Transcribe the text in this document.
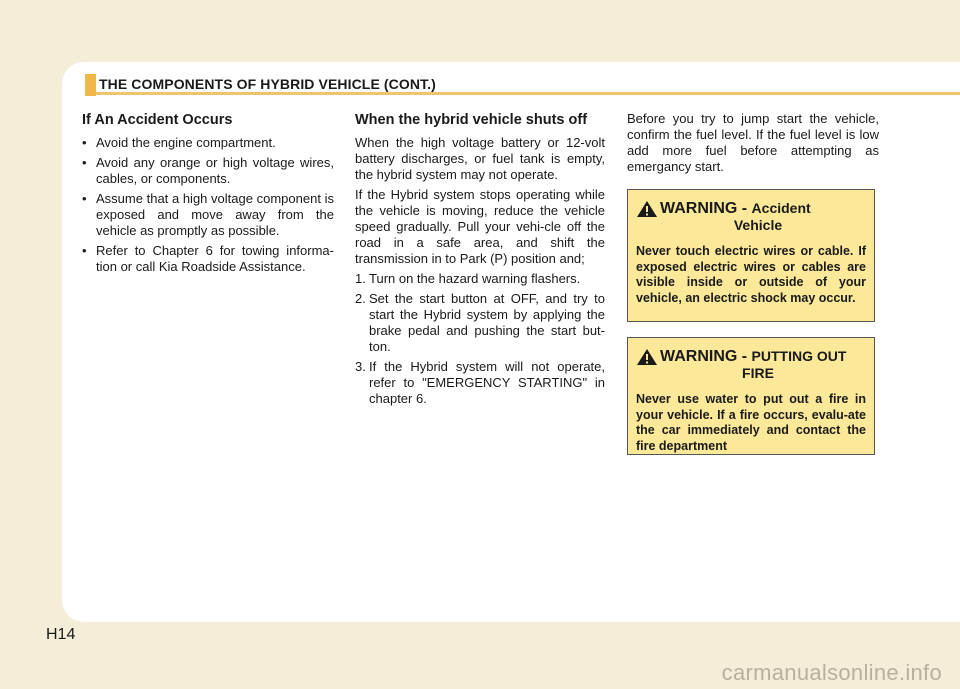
THE COMPONENTS OF HYBRID VEHICLE (CONT.)
If An Accident Occurs
• Avoid the engine compartment.
• Avoid any orange or high voltage wires, cables, or components.
• Assume that a high voltage component is exposed and move away from the vehicle as promptly as possible.
• Refer to Chapter 6 for towing informa-tion or call Kia Roadside Assistance.
When the hybrid vehicle shuts off

When the high voltage battery or 12-volt battery discharges, or fuel tank is empty, the hybrid system may not operate.

If the Hybrid system stops operating while the vehicle is moving, reduce the vehicle speed gradually. Pull your vehi-cle off the road in a safe area, and shift the transmission in to Park (P) position and;

1. Turn on the hazard warning flashers.
2. Set the start button at OFF, and try to start the Hybrid system by applying the brake pedal and pushing the start but-ton.
3. If the Hybrid system will not operate, refer to "EMERGENCY STARTING" in chapter 6.

Before you try to jump start the vehicle, confirm the fuel level. If the fuel level is low add more fuel before attempting as emergancy start.

WARNING - Accident
Vehicle
Never touch electric wires or cable. If exposed electric wires or cables are visible inside or outside of your vehicle, an electric shock may occur.
WARNING - PUTTING OUT
FIRE
Never use water to put out a fire in your vehicle. If a fire occurs, evalu-ate the car immediately and contact the fire department
H14
carmanualsonline.info
